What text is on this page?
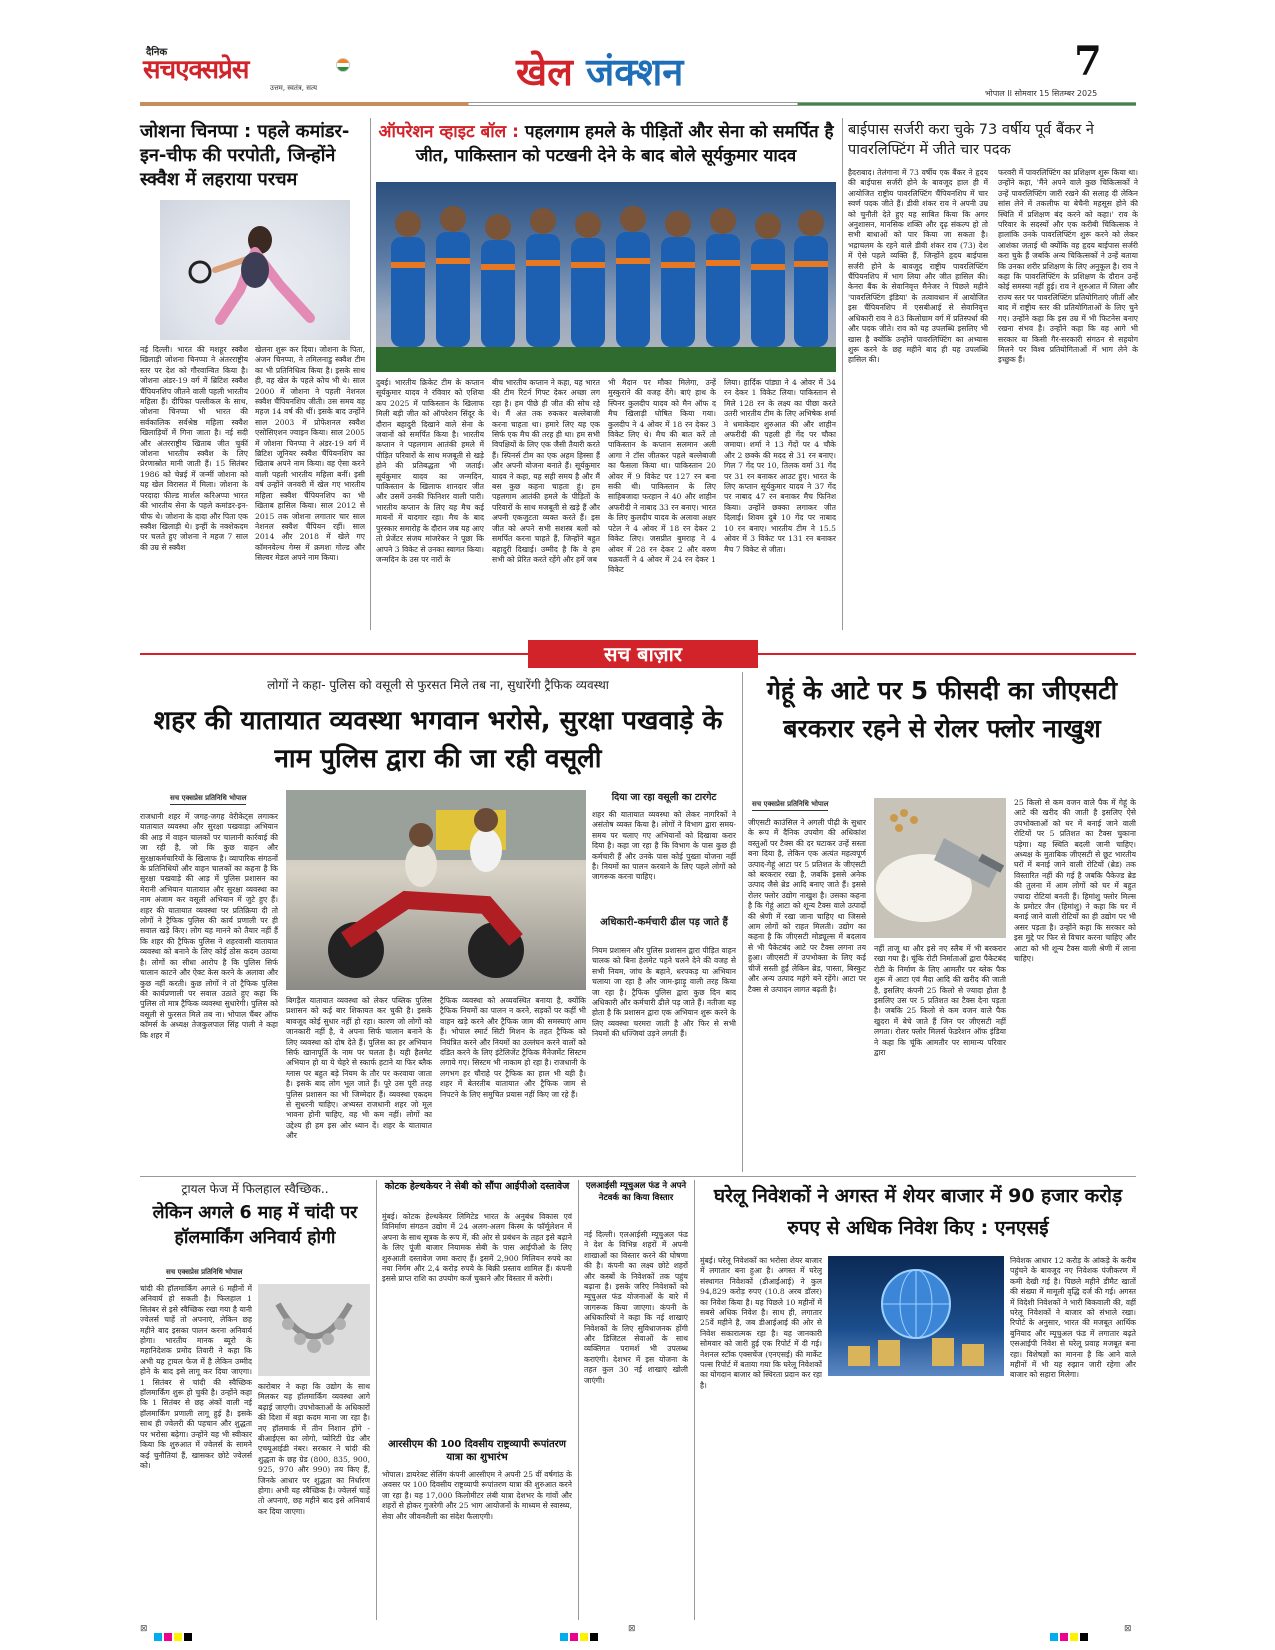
दैनिक
सचएक्सप्रेस
उत्तम, स्वतंत्र, सत्य	खेल जंक्शन	7
भोपाल II सोमवार 15 सितम्बर 2025
जोशना चिनप्पा : पहले कमांडर-इन-चीफ की परपोती, जिन्होंने स्क्वैश में लहराया परचम
नई दिल्ली। भारत की मशहूर स्क्वैश खिलाड़ी जोशना चिनप्पा ने अंतरराष्ट्रीय स्तर पर देश को गौरवान्वित किया है। जोशना अंडर-19 वर्ग में ब्रिटिश स्क्वैश चैंपियनशिप जीतने वाली पहली भारतीय महिला हैं। दीपिका पल्लीकल के साथ, जोशना चिनप्पा भी भारत की सर्वकालिक सर्वश्रेष्ठ महिला स्क्वैश खिलाड़ियों में गिना जाता है। नई सदी और अंतरराष्ट्रीय खिताब जीत चुकीं जोशना भारतीय स्क्वैश के लिए प्रेरणास्रोत मानी जाती हैं। 15 सितंबर 1986 को चेन्नई में जन्मीं जोशना को यह खेल विरासत में मिला। जोशना के परदादा फील्ड मार्शल करिअप्पा भारत की भारतीय सेना के पहले कमांडर-इन-चीफ थे। जोशना के दादा और पिता एक स्क्वैश खिलाड़ी थे। इन्हीं के नक्शेकदम पर चलते हुए जोशना ने महज 7 साल की उम्र से स्क्वैश
खेलना शुरू कर दिया। जोशना के पिता, अंजन चिनप्पा, ने तमिलनाडु स्क्वैश टीम का भी प्रतिनिधित्व किया है। इसके साथ ही, वह खेल के पहले कोच भी थे। साल 2000 में जोशना ने पहली नेशनल स्क्वैश चैंपियनशिप जीती। उस समय वह महज 14 वर्ष की थीं। इसके बाद उन्होंने साल 2003 में प्रोफेशनल स्क्वैश एसोसिएशन ज्वाइन किया। साल 2005 में जोशना चिनप्पा ने अंडर-19 वर्ग में ब्रिटिश जूनियर स्क्वैश चैंपियनशिप का खिताब अपने नाम किया। वह ऐसा करने वाली पहली भारतीय महिला बनीं। इसी वर्ष उन्होंने जनवरी में खेल गए भारतीय महिला स्क्वैश चैंपियनशिप का भी खिताब हासिल किया। साल 2012 से 2015 तक जोशना लगातार चार साल नेशनल स्क्वैश चैंपियन रहीं। साल 2014 और 2018 में खेले गए कॉमनवेल्थ गेम्स में क्रमशः गोल्ड और सिल्वर मेडल अपने नाम किया।
ऑपरेशन व्हाइट बॉल : पहलगाम हमले के पीड़ितों और सेना को समर्पित है जीत, पाकिस्तान को पटखनी देने के बाद बोले सूर्यकुमार यादव
दुबई। भारतीय क्रिकेट टीम के कप्तान सूर्यकुमार यादव ने रविवार को एशिया कप 2025 में पाकिस्तान के खिलाफ मिली बड़ी जीत को ऑपरेशन सिंदूर के दौरान बहादुरी दिखाने वाले सेना के जवानों को समर्पित किया है। भारतीय कप्तान ने पहलगाम आतंकी हमले में पीड़ित परिवारों के साथ मजबूती से खड़े होने की प्रतिबद्धता भी जताई। सूर्यकुमार यादव का जन्मदिन, पाकिस्तान के खिलाफ शानदार जीत और उसमें उनकी फिनिशर वाली पारी। भारतीय कप्तान के लिए यह मैच कई मायनों में यादगार रहा। मैच के बाद पुरस्कार समारोह के दौरान जब यह आए तो प्रेजेंटर संजय मांजरेकर ने पूछा कि आपने 3 विकेट से उनका स्वागत किया। जन्मदिन के उस पर नारों के
बीच भारतीय कप्तान ने कहा, यह भारत की टीम रिटर्न गिफ्ट देकर अच्छा लग रहा है। हम पीछे ही जीत की सोच रहे थे। मैं अंत तक रुककर बल्लेबाजी करना चाहता था। हमारे लिए यह एक सिर्फ एक मैच की तरह ही था। हम सभी विपक्षियों के लिए एक जैसी तैयारी करते हैं। स्पिनर्स टीम का एक अहम हिस्सा हैं और अपनी योजना बनाते हैं। सूर्यकुमार यादव ने कहा, यह सही समय है और मैं बस कुछ कहना चाहता हूं। हम पहलगाम आतंकी हमले के पीड़ितों के परिवारों के साथ मजबूती से खड़े हैं और अपनी एकजुटता व्यक्त करते हैं। इस जीत को अपने सभी सशस्त्र बलों को समर्पित करना चाहते हैं, जिन्होंने बहुत बहादुरी दिखाई। उम्मीद है कि वे हम सभी को प्रेरित करते रहेंगे और हमें जब
भी मैदान पर मौका मिलेगा, उन्हें मुस्कुराने की वजह देंगे। बाएं हाथ के स्पिनर कुलदीप यादव को मैन ऑफ द मैच खिलाड़ी घोषित किया गया। कुलदीप ने 4 ओवर में 18 रन देकर 3 विकेट लिए थे। मैच की बात करें तो पाकिस्तान के कप्तान सलमान अली आगा ने टॉस जीतकर पहले बल्लेबाजी का फैसला किया था। पाकिस्तान 20 ओवर में 9 विकेट पर 127 रन बना सकी थी। पाकिस्तान के लिए साहिबजादा फरहान ने 40 और शाहीन अफरीदी ने नाबाद 33 रन बनाए। भारत के लिए कुलदीप यादव के अलावा अक्षर पटेल ने 4 ओवर में 18 रन देकर 2 विकेट लिए। जसप्रीत बुमराह ने 4 ओवर में 28 रन देकर 2 और वरुण चक्रवर्ती ने 4 ओवर में 24 रन देकर 1 विकेट
लिया। हार्दिक पांड्या ने 4 ओवर में 34 रन देकर 1 विकेट लिया। पाकिस्तान से मिले 128 रन के लक्ष्य का पीछा करते उतरी भारतीय टीम के लिए अभिषेक शर्मा ने धमाकेदार शुरुआत की और शाहीन अफरीदी की पहली ही गेंद पर चौका जमाया। शर्मा ने 13 गेंदों पर 4 चौके और 2 छक्के की मदद से 31 रन बनाए। गिल 7 गेंद पर 10, तिलक वर्मा 31 गेंद पर 31 रन बनाकर आउट हुए। भारत के लिए कप्तान सूर्यकुमार यादव ने 37 गेंद पर नाबाद 47 रन बनाकर मैच फिनिश किया। उन्होंने छक्का लगाकर जीत दिलाई। शिवम दुबे 10 गेंद पर नाबाद 10 रन बनाए। भारतीय टीम ने 15.5 ओवर में 3 विकेट पर 131 रन बनाकर मैच 7 विकेट से जीता।
बाईपास सर्जरी करा चुके 73 वर्षीय पूर्व बैंकर ने पावरलिफ्टिंग में जीते चार पदक
हैदराबाद। तेलंगाना में 73 वर्षीय एक बैंकर ने हृदय की बाईपास सर्जरी होने के बावजूद हाल ही में आयोजित राष्ट्रीय पावरलिफ्टिंग चैंपियनशिप में चार स्वर्ण पदक जीते हैं। डीवी शंकर राव ने अपनी उम्र को चुनौती देते हुए यह साबित किया कि अगर अनुशासन, मानसिक शक्ति और दृढ़ संकल्प हो तो सभी बाधाओं को पार किया जा सकता है। भद्राचलम के रहने वाले डीवी शंकर राव (73) देश में ऐसे पहले व्यक्ति हैं, जिन्होंने हृदय बाईपास सर्जरी होने के बावजूद राष्ट्रीय पावरलिफ्टिंग चैंपियनशिप में भाग लिया और जीत हासिल की। केनरा बैंक के सेवानिवृत्त मैनेजर ने पिछले महीने 'पावरलिफ्टिंग इंडिया' के तत्वावधान में आयोजित इस चैंपियनशिप में एसबीआई से सेवानिवृत्त अधिकारी राव ने 83 किलोग्राम वर्ग में प्रतिस्पर्धा की और पदक जीते। राव को यह उपलब्धि इसलिए भी खास है क्योंकि उन्होंने पावरलिफ्टिंग का अभ्यास शुरू करने के छह महीने बाद ही यह उपलब्धि हासिल की।
फरवरी में पावरलिफ्टिंग का प्रशिक्षण शुरू किया था। उन्होंने कहा, 'मैंने अपने वाले कुछ चिकित्सकों ने उन्हें पावरलिफ्टिंग जारी रखने की सलाह दी लेकिन सांस लेने में तकलीफ या बेचैनी महसूस होने की स्थिति में प्रशिक्षण बंद करने को कहा।' राव के परिवार के सदस्यों और एक करीबी चिकित्सक ने हालांकि उनके पावरलिफ्टिंग शुरू करने को लेकर आशंका जताई थी क्योंकि वह हृदय बाईपास सर्जरी करा चुके हैं जबकि अन्य चिकित्सकों ने उन्हें बताया कि उनका शरीर प्रशिक्षण के लिए अनुकूल है। राव ने कहा कि पावरलिफ्टिंग के प्रशिक्षण के दौरान उन्हें कोई समस्या नहीं हुई। राव ने शुरुआत में जिला और राज्य स्तर पर पावरलिफ्टिंग प्रतियोगिताएं जीतीं और बाद में राष्ट्रीय स्तर की प्रतियोगिताओं के लिए चुने गए। उन्होंने कहा कि इस उम्र में भी फिटनेस बनाए रखना संभव है। उन्होंने कहा कि वह आगे भी सरकार या किसी गैर-सरकारी संगठन से सहयोग मिलने पर विश्व प्रतियोगिताओं में भाग लेने के इच्छुक हैं।
सच बाज़ार
लोगों ने कहा- पुलिस को वसूली से फुरसत मिले तब ना, सुधारेंगी ट्रैफिक व्यवस्था
शहर की यातायात व्यवस्था भगवान भरोसे, सुरक्षा पखवाड़े के नाम पुलिस द्वारा की जा रही वसूली
सच एक्सप्रेस प्रतिनिधि भोपाल
राजधानी शहर में जगह-जगह वेरीकेट्स लगाकर यातायात व्यवस्था और सुरक्षा पखवाड़ा अभियान की आड़ में वाहन चालकों पर चालानी कार्रवाई की जा रही है, जो कि कुछ वाहन और सुरक्षाकर्मचारियों के खिलाफ है। व्यापारिक संगठनों के प्रतिनिधियों और वाहन चालकों का कहना है कि सुरक्षा पखवाड़े की आड़ में पुलिस प्रशासन का मेरानी अभियान यातायात और सुरक्षा व्यवस्था का नाम अंजाम कर वसूली अभियान में जुटे हुए हैं। शहर की यातायात व्यवस्था पर प्रतिक्रिया दी तो लोगों ने ट्रैफिक पुलिस की कार्य प्रणाली पर ही सवाल खड़े किए। लोग यह मानने को तैयार नहीं हैं कि शहर की ट्रैफिक पुलिस ने शहरवासी यातायात व्यवस्था को बनाने के लिए कोई ठोस कदम उठाया है। लोगों का सीधा आरोप है कि पुलिस सिर्फ चालान काटने और ऐक्ट केस करने के अलावा और कुछ नहीं करती। कुछ लोगों ने तो ट्रैफिक पुलिस की कार्यप्रणाली पर सवाल उठाते हुए कहा कि पुलिस तो मात्र ट्रैफिक व्यवस्था सुधारेगी। पुलिस को वसूली से फुरसत मिले तब ना। भोपाल चैंबर ऑफ कॉमर्स के अध्यक्ष तेजकुलपाल सिंह पाली ने कहा कि शहर में
दिया जा रहा वसूली का टारगेट
शहर की यातायात व्यवस्था को लेकर नागरिकों ने असंतोष व्यक्त किया है। लोगों ने विभाग द्वारा समय-समय पर चलाए गए अभियानों को दिखावा करार दिया है। कहा जा रहा है कि विभाग के पास कुछ ही कर्मचारी हैं और उनके पास कोई पुख्ता योजना नहीं है। नियमों का पालन करवाने के लिए पहले लोगों को जागरूक करना चाहिए।
अधिकारी-कर्मचारी ढील पड़ जाते हैं
नियम प्रशासन और पुलिस प्रशासन द्वारा पीड़ित वाहन चालक को बिना हेलमेट पहने चलने देने की वजह से सभी नियम, जांच के बहाने, धरपकड़ या अभियान चलाया जा रहा है और जाम-झाड़ू वाली तरह किया जा रहा है। ट्रैफिक पुलिस द्वारा कुछ दिन बाद अधिकारी और कर्मचारी ढीले पड़ जाते हैं। नतीजा यह होता है कि प्रशासन द्वारा एक अभियान शुरू करने के लिए व्यवस्था चरमरा जाती है और फिर से सभी नियमों की धज्जियां उड़ने लगती हैं।
बिगड़ैल यातायात व्यवस्था को लेकर पब्लिक पुलिस प्रशासन को कई बार शिकायत कर चुकी है। इसके बावजूद कोई सुधार नहीं हो रहा। कारण जो लोगों को जानकारी नहीं है, वे अपना सिर्फ चालान बनाने के लिए व्यवस्था को दोष देते हैं। पुलिस का हर अभियान सिर्फ खानापूर्ति के नाम पर चलता है। यही हैलमेट अभियान हो या ये चेहरे से स्कार्फ हटाने या फिर ब्लैक ग्लास पर बहुत बड़े नियम के तौर पर करवाया जाता है। इसके बाद लोग भूल जाते हैं। पूरे उस पूरी तरह पुलिस प्रशासन का भी जिम्मेदार हैं। व्यवस्था एकदम से सुधरनी चाहिए। अभ्यस्त राजधानी शहर जो मूल भावना होनी चाहिए, वह भी कम नहीं। लोगों का उद्देश्य ही हम इस ओर ध्यान दें। शहर के यातायात और
ट्रैफिक व्यवस्था को अव्यवस्थित बनाया है, क्योंकि ट्रैफिक नियमों का पालन न करने, सड़कों पर कहीं भी वाहन खड़े करने और ट्रैफिक जाम की समस्याएं आम हैं। भोपाल स्मार्ट सिटी मिशन के तहत ट्रैफिक को नियंत्रित करने और नियमों का उल्लंघन करने वालों को दंडित करने के लिए इंटेलिजेंट ट्रैफिक मैनेजमेंट सिस्टम लगाये गए। सिस्टम भी नाकाम हो रहा है। राजधानी के लगभग हर चौराहे पर ट्रैफिक का हाल भी यही है। शहर में बेतरतीब यातायात और ट्रैफिक जाम से निपटने के लिए समुचित प्रयास नहीं किए जा रहे हैं।
गेहूं के आटे पर 5 फीसदी का जीएसटी बरकरार रहने से रोलर फ्लोर नाखुश
सच एक्सप्रेस प्रतिनिधि भोपाल
जीएसटी काउंसिल ने अगली पीढ़ी के सुधार के रूप में दैनिक उपयोग की अधिकांश वस्तुओं पर टैक्स की दर घटाकर उन्हें सस्ता बना दिया है, लेकिन एक अत्यंत महत्वपूर्ण उत्पाद-गेहूं आटा पर 5 प्रतिशत के जीएसटी को बरकरार रखा है, जबकि इससे अनेक उत्पाद जैसे ब्रेड आदि बनाए जाते हैं। इससे रोलर फ्लोर उद्योग नाखुश है। उसका कहना है कि गेहूं आटा को शून्य टैक्स वाले उत्पादों की श्रेणी में रखा जाना चाहिए था जिससे आम लोगों को राहत मिलती। उद्योग का कहना है कि जीएसटी मोड्यूल्स में बदलाव से भी पैकेटबंद आटे पर टैक्स लगना तय हुआ। जीएसटी में उपभोक्ता के लिए कई चीजें सस्ती हुईं लेकिन ब्रेड, पास्ता, बिस्कुट और अन्य उत्पाद महंगे बने रहेंगे। आटा पर टैक्स से उत्पादन लागत बढ़ती है।
नहीं ताजू था और इसे नए स्लैब में भी बरकरार रखा गया है। चूंकि रोटी निर्माताओं द्वारा पैकेटबंद रोटी के निर्माण के लिए आमतौर पर ब्लेक पैक शुरू में आटा एवं मैदा आदि की खरीद की जाती है, इसलिए कंपनी 25 किलो से ज्यादा होता है इसलिए उस पर 5 प्रतिशत का टैक्स देना पड़ता है। जबकि 25 किलो से कम वजन वाले पैक खुदरा में बेचे जाते हैं जिन पर जीएसटी नहीं लगता। रोलर फ्लोर मिलर्स फेडरेशन ऑफ इंडिया ने कहा कि चूंकि आमतौर पर सामान्य परिवार द्वारा
25 किलो से कम वजन वाले पैक में गेहूं के आटे की खरीद की जाती है इसलिए ऐसे उपभोक्ताओं को घर में बनाई जाने वाली रोटियों पर 5 प्रतिशत का टैक्स चुकाना पड़ेगा। यह स्थिति बदली जानी चाहिए। अध्यक्ष के मुताबिक जीएसटी से छूट भारतीय घरों में बनाई जाने वाली रोटियों (ब्रेड) तक विस्तारित नहीं की गई है जबकि पैकेज्ड ब्रेड की तुलना में आम लोगों को घर में बहुत ज्यादा रोटियां बनती हैं। हिमांशु फ्लोर मिल्स के प्रमोटर जैन (हिमांशु) ने कहा कि घर में बनाई जाने वाली रोटियों का ही उद्योग पर भी असर पड़ता है। उन्होंने कहा कि सरकार को इस मुद्दे पर फिर से विचार करना चाहिए और आटा को भी शून्य टैक्स वाली श्रेणी में लाना चाहिए।
ट्रायल फेज में फिलहाल स्वैच्छिक..
लेकिन अगले 6 माह में चांदी पर हॉलमार्किंग अनिवार्य होगी
सच एक्सप्रेस प्रतिनिधि भोपाल
चांदी की हॉलमार्किंग अगले 6 महीनों में अनिवार्य हो सकती है। फिलहाल 1 सितंबर से इसे स्वैच्छिक रखा गया है यानी ज्वेलर्स चाहें तो अपनाएं, लेकिन छह महीने बाद इसका पालन करना अनिवार्य होगा। भारतीय मानक ब्यूरो के महानिदेशक प्रमोद तिवारी ने कहा कि अभी यह ट्रायल फेज में है लेकिन उम्मीद होने के बाद इसे लागू कर दिया जाएगा। 1 सितंबर से चांदी की स्वैच्छिक हॉलमार्किंग शुरू हो चुकी है। उन्होंने कहा कि 1 सितंबर से छह अंकों वाली नई हॉलमार्किंग प्रणाली लागू हुई है। इसके साथ ही ज्वेलरी की पहचान और शुद्धता पर भरोसा बढ़ेगा। उन्होंने यह भी स्वीकार किया कि शुरुआत में ज्वेलर्स के सामने कई चुनौतियां हैं, खासकर छोटे ज्वेलर्स को।
कारोबार ने कहा कि उद्योग के साथ मिलकर यह हॉलमार्किंग व्यवस्था आगे बढ़ाई जाएगी। उपभोक्ताओं के अधिकारों की दिशा में बड़ा कदम माना जा रहा है। नए हॉलमार्क में तीन निशान होंगे - बीआईएस का लोगो, प्योरिटी ग्रेड और एचयूआईडी नंबर। सरकार ने चांदी की शुद्धता के छह ग्रेड (800, 835, 900, 925, 970 और 990) तय किए हैं, जिनके आधार पर शुद्धता का निर्धारण होगा। अभी यह स्वैच्छिक है। ज्वेलर्स चाहें तो अपनाएं, छह महीने बाद इसे अनिवार्य कर दिया जाएगा।
कोटक हेल्थकेयर ने सेबी को सौंपा आईपीओ दस्तावेज
मुंबई। कोटक हेल्थकेयर लिमिटेड भारत के अनुबंध विकास एवं विनिर्माण संगठन उद्योग में 24 अलग-अलग किस्म के फॉर्मूलेशन में अपना के साथ सूत्रक के रूप में, की ओर से प्रबंधन के तहत इसे बढ़ाने के लिए पूंजी बाजार नियामक सेबी के पास आईपीओ के लिए शुरुआती दस्तावेज जमा कराए हैं। इसमें 2,900 मिलियन रुपये का नया निर्गम और 2,4 करोड़ रुपये के बिक्री प्रस्ताव शामिल हैं। कंपनी इससे प्राप्त राशि का उपयोग कर्ज चुकाने और विस्तार में करेगी।
आरसीएम की 100 दिवसीय राष्ट्रव्यापी रूपांतरण यात्रा का शुभारंभ
भोपाल। डायरेक्ट सेलिंग कंपनी आरसीएम ने अपनी 25 वीं वर्षगांठ के अवसर पर 100 दिवसीय राष्ट्रव्यापी रूपांतरण यात्रा की शुरुआत करने जा रहा है। यह 17,000 किलोमीटर लंबी यात्रा देशभर के गांवों और शहरों से होकर गुजरेगी और 25 भाग आयोजनों के माध्यम से स्वास्थ्य, सेवा और जीवनशैली का संदेश फैलाएगी।
एलआईसी म्यूचुअल फंड ने अपने नेटवर्क का किया विस्तार
नई दिल्ली। एलआईसी म्यूचुअल फंड ने देश के विभिन्न शहरों में अपनी शाखाओं का विस्तार करने की घोषणा की है। कंपनी का लक्ष्य छोटे शहरों और कस्बों के निवेशकों तक पहुंच बढ़ाना है। इसके जरिए निवेशकों को म्यूचुअल फंड योजनाओं के बारे में जागरूक किया जाएगा। कंपनी के अधिकारियों ने कहा कि नई शाखाएं निवेशकों के लिए सुविधाजनक होंगी और डिजिटल सेवाओं के साथ व्यक्तिगत परामर्श भी उपलब्ध कराएंगी। देशभर में इस योजना के तहत कुल 30 नई शाखाएं खोली जाएंगी।
घरेलू निवेशकों ने अगस्त में शेयर बाजार में 90 हजार करोड़ रुपए से अधिक निवेश किए : एनएसई
मुंबई। घरेलू निवेशकों का भरोसा शेयर बाजार में लगातार बना हुआ है। अगस्त में घरेलू संस्थागत निवेशकों (डीआईआई) ने कुल 94,829 करोड़ रुपए (10.8 अरब डॉलर) का निवेश किया है। यह पिछले 10 महीनों में सबसे अधिक निवेश है। साथ ही, लगातार 25वें महीने है, जब डीआईआई की ओर से निवेश सकारात्मक रहा है। यह जानकारी सोमवार को जारी हुई एक रिपोर्ट में दी गई। नेशनल स्टॉक एक्सचेंज (एनएसई) की मार्केट पल्स रिपोर्ट में बताया गया कि घरेलू निवेशकों का योगदान बाजार को स्थिरता प्रदान कर रहा है।
निवेशक आधार 12 करोड़ के आंकड़े के करीब पहुंचने के बावजूद नए निवेशक पंजीकरण में कमी देखी गई है। पिछले महीने डीमैट खातों की संख्या में मामूली वृद्धि दर्ज की गई। अगस्त में विदेशी निवेशकों ने भारी बिकवाली की, वहीं घरेलू निवेशकों ने बाजार को संभाले रखा। रिपोर्ट के अनुसार, भारत की मजबूत आर्थिक बुनियाद और म्यूचुअल फंड में लगातार बढ़ते एसआईपी निवेश से घरेलू प्रवाह मजबूत बना रहा। विशेषज्ञों का मानना है कि आने वाले महीनों में भी यह रुझान जारी रहेगा और बाजार को सहारा मिलेगा।
⊠	⊠	⊠
